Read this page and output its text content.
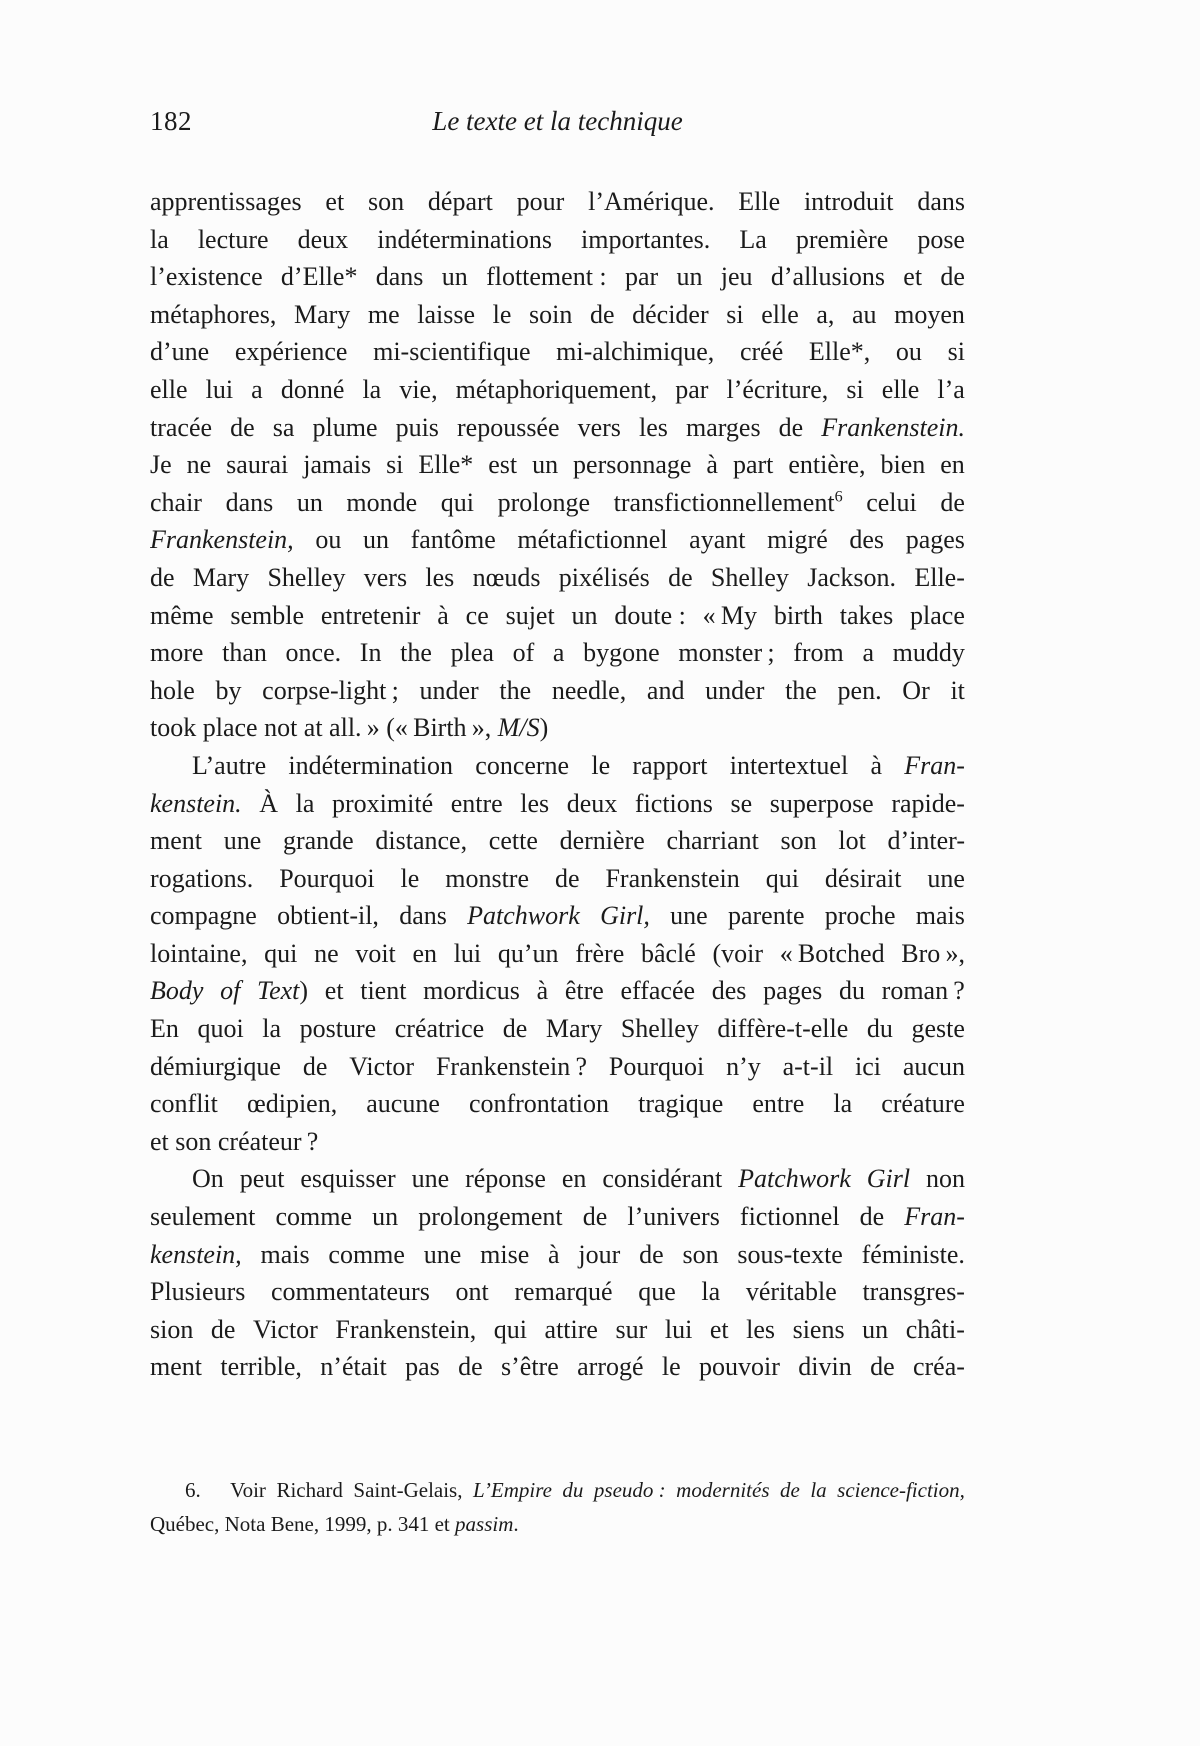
182	Le texte et la technique
apprentissages et son départ pour l’Amérique. Elle introduit dans
la lecture deux indéterminations importantes. La première pose
l’existence d’Elle* dans un flottement : par un jeu d’allusions et de
métaphores, Mary me laisse le soin de décider si elle a, au moyen
d’une expérience mi-scientifique mi-alchimique, créé Elle*, ou si
elle lui a donné la vie, métaphoriquement, par l’écriture, si elle l’a
tracée de sa plume puis repoussée vers les marges de Frankenstein.
Je ne saurai jamais si Elle* est un personnage à part entière, bien en
chair dans un monde qui prolonge transfictionnellement$^6$ celui de
Frankenstein, ou un fantôme métafictionnel ayant migré des pages
de Mary Shelley vers les nœuds pixélisés de Shelley Jackson. Elle-
même semble entretenir à ce sujet un doute : « My birth takes place
more than once. In the plea of a bygone monster ; from a muddy
hole by corpse-light ; under the needle, and under the pen. Or it
took place not at all. » (« Birth », M/S)
L’autre indétermination concerne le rapport intertextuel à Fran-
kenstein. À la proximité entre les deux fictions se superpose rapide-
ment une grande distance, cette dernière charriant son lot d’inter-
rogations. Pourquoi le monstre de Frankenstein qui désirait une
compagne obtient-il, dans Patchwork Girl, une parente proche mais
lointaine, qui ne voit en lui qu’un frère bâclé (voir « Botched Bro »,
Body of Text) et tient mordicus à être effacée des pages du roman ?
En quoi la posture créatrice de Mary Shelley diffère-t-elle du geste
démiurgique de Victor Frankenstein ? Pourquoi n’y a-t-il ici aucun
conflit œdipien, aucune confrontation tragique entre la créature
et son créateur ?
On peut esquisser une réponse en considérant Patchwork Girl non
seulement comme un prolongement de l’univers fictionnel de Fran-
kenstein, mais comme une mise à jour de son sous-texte féministe.
Plusieurs commentateurs ont remarqué que la véritable transgres-
sion de Victor Frankenstein, qui attire sur lui et les siens un châti-
ment terrible, n’était pas de s’être arrogé le pouvoir divin de créa-
6. Voir Richard Saint-Gelais, L’Empire du pseudo : modernités de la science-fiction,
Québec, Nota Bene, 1999, p. 341 et passim.
